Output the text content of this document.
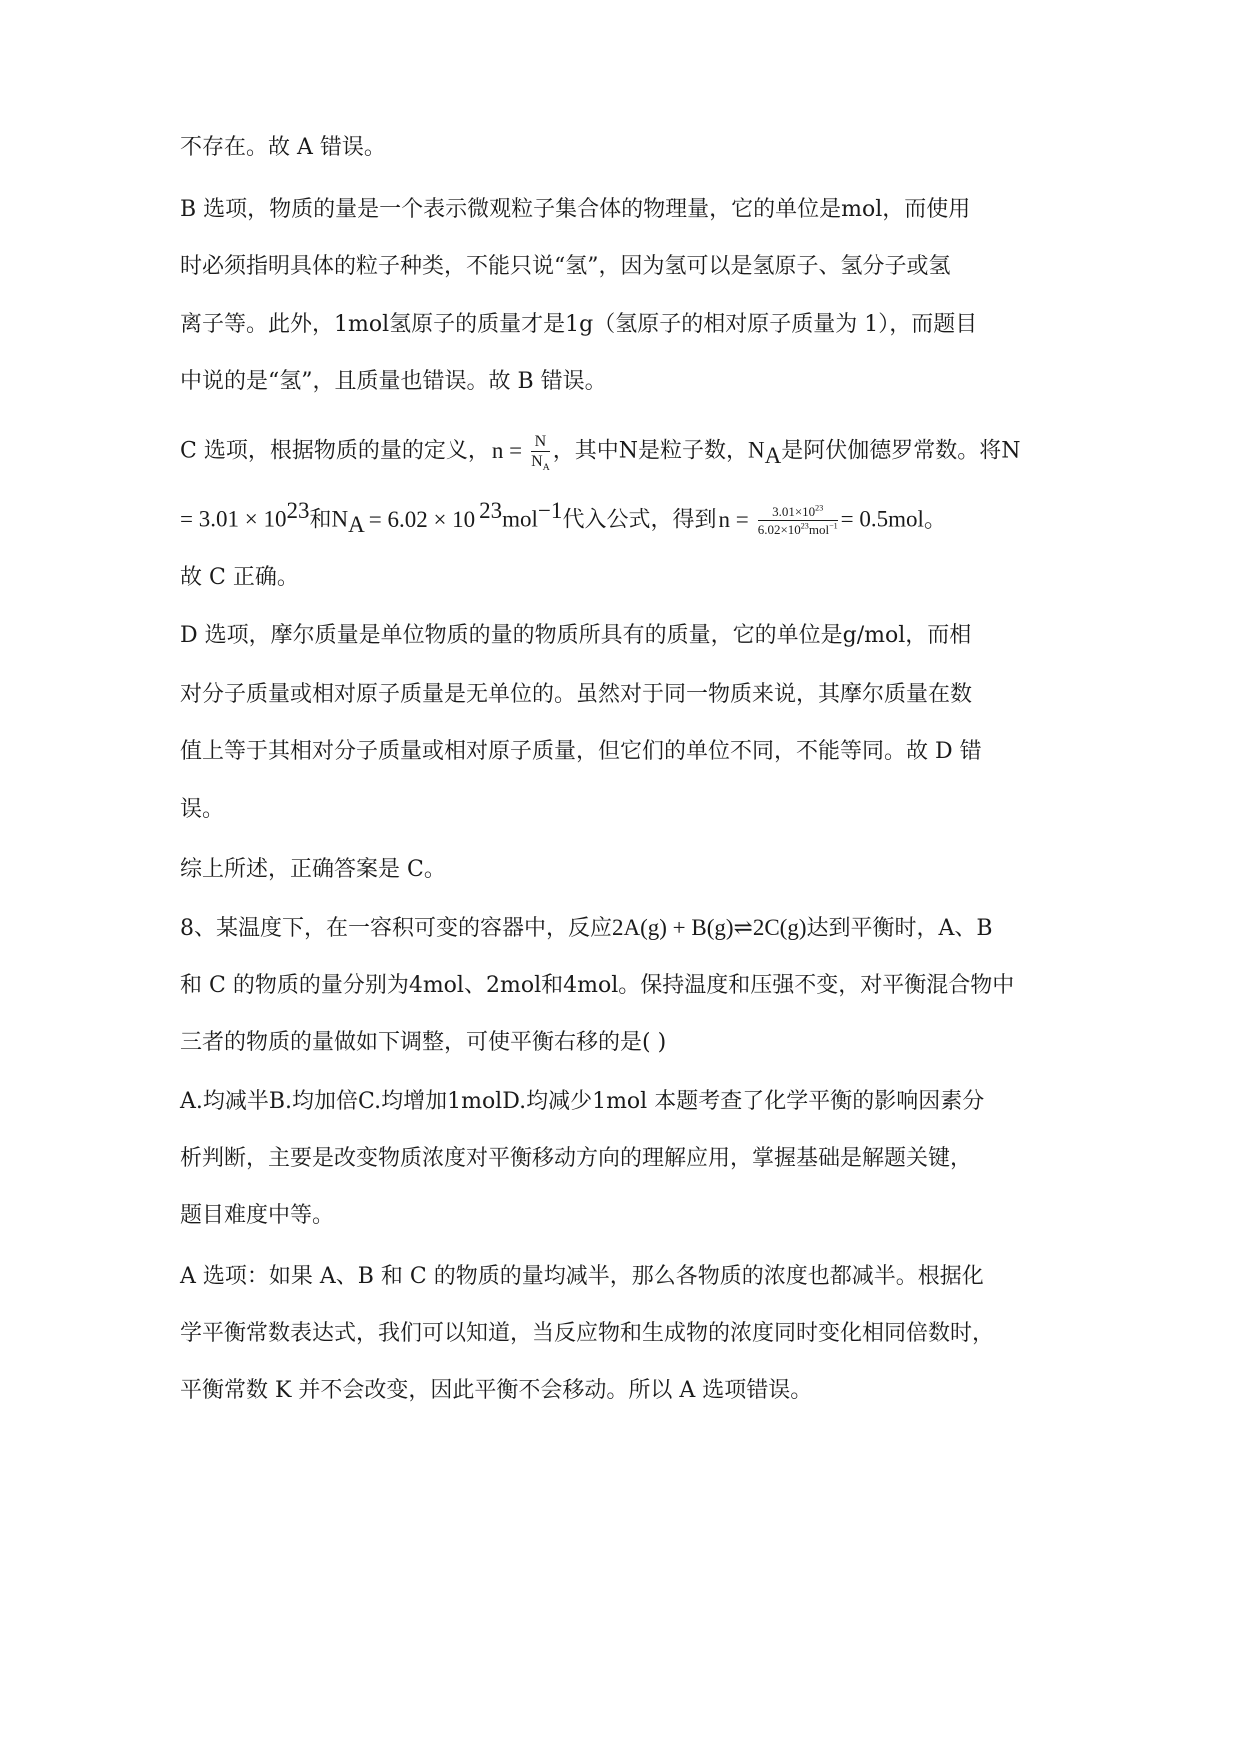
不存在。故 A 错误。
B 选项，物质的量是一个表示微观粒子集合体的物理量，它的单位是mol，而使用
时必须指明具体的粒子种类，不能只说“氢”，因为氢可以是氢原子、氢分子或氢
离子等。此外，1mol氢原子的质量才是1g（氢原子的相对原子质量为 1），而题目
中说的是“氢”，且质量也错误。故 B 错误。
C 选项，根据物质的量的定义，$n = \frac{N}{N_A}$ ，其中N是粒子数，$N_A$是阿伏伽德罗常数。将N
= $3.01 \times 10^{23}$和$N_A = 6.02 \times 10$ $^{23}$mol$^{-1}$代入公式，得到$n = \frac{3.01\times 10^{23}}{6.02\times 10^{23}mol^{-1}} = 0.5mol$。
故 C 正确。
D 选项，摩尔质量是单位物质的量的物质所具有的质量，它的单位是g/mol，而相
对分子质量或相对原子质量是无单位的。虽然对于同一物质来说，其摩尔质量在数
值上等于其相对分子质量或相对原子质量，但它们的单位不同，不能等同。故 D 错
误。
综上所述，正确答案是 C。
8、某温度下，在一容积可变的容器中，反应2A(g) + B(g)⇌2C(g)达到平衡时，A、B
和 C 的物质的量分别为4mol、2mol和4mol。保持温度和压强不变，对平衡混合物中
三者的物质的量做如下调整，可使平衡右移的是( )
A.均减半B.均加倍C.均增加1molD.均减少1mol 本题考查了化学平衡的影响因素分
析判断，主要是改变物质浓度对平衡移动方向的理解应用，掌握基础是解题关键，
题目难度中等。
A 选项：如果 A、B 和 C 的物质的量均减半，那么各物质的浓度也都减半。根据化
学平衡常数表达式，我们可以知道，当反应物和生成物的浓度同时变化相同倍数时，
平衡常数 K 并不会改变，因此平衡不会移动。所以 A 选项错误。
